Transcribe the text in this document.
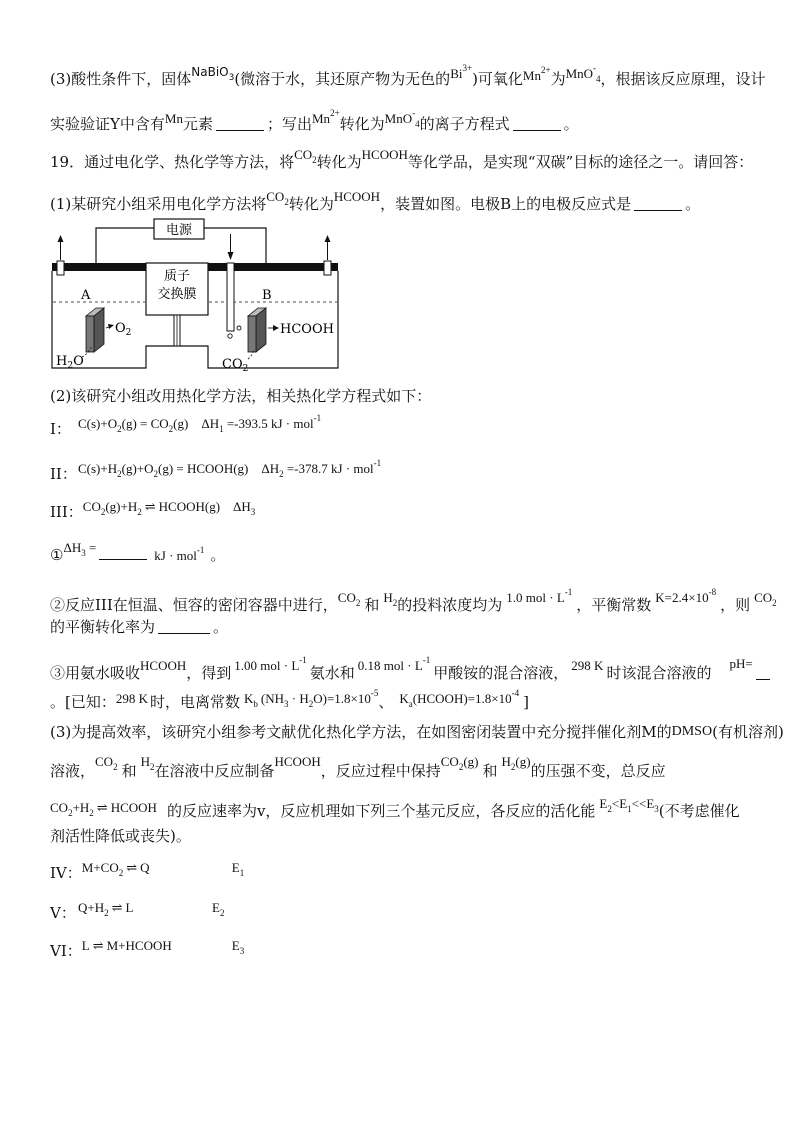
(3)酸性条件下，固体$^{NaBiO_3}$(微溶于水，其还原产物为无色的$Bi^{3+}$)可氧化$Mn^{2+}$为MnO-$_4$，根据该反应原理，设计
实验验证Y中含有Mn元素	；写出$Mn^{2+}$转化为MnO-$_4$的离子方程式	。
19．通过电化学、热化学等方法，将$CO_2$转化为HCOOH等化学品，是实现“双碳”目标的途径之一。请回答：
(1)某研究小组采用电化学方法将$CO_2$转化为HCOOH，装置如图。电极B上的电极反应式是	。
电源
质子
交换膜
A
$O_2$
$H_2O$
B
HCOOH
$CO_2$
(2)该研究小组改用热化学方法，相关热化学方程式如下：
I： $C(s)+O_2(g) = CO_2(g)$    $\Delta H_1 =-393.5$ kJ · mol$^{-1}$
II：$C(s)+H_2(g)+O_2(g)$ = HCOOH(g)    $\Delta H_2 =-378.7$ kJ · mol$^{-1}$
III：$CO_2(g)+H_2$ ⇌ HCOOH(g)    $\Delta H_3$
$①\Delta H_3 =kJ \cdot mol^{-1}$ 。
②反应III在恒温、恒容的密闭容器中进行，$CO_2$ 和 $H_2$的投料浓度均为 1.0 mol · $L^{-1}$，平衡常数 $K=2.4\times 10^{-8}$，则 $CO_2$
的平衡转化率为	。
③用氨水吸收HCOOH，得到 1.00 mol · $L^{-1}$氨水和 0.18 mol · $L^{-1}$甲酸铵的混合溶液， 298 K 时该混合溶液的pH=
。[已知：298 K 时，电离常数 $K_b$ $(NH_3 \cdot H_2O)=1.8\times 10^{-5}$、 $K_a(HCOOH)=1.8\times 10^{-4}$ ]
(3)为提高效率，该研究小组参考文献优化热化学方法，在如图密闭装置中充分搅拌催化剂M的DMSO(有机溶剂)
溶液，$CO_2$ 和$H_2$在溶液中反应制备HCOOH，反应过程中保持$CO_2(g)$和$H_2(g)$的压强不变，总反应
$CO_2+H_2$ ⇌ HCOOH 的反应速率为v，反应机理如下列三个基元反应，各反应的活化能 $E_2<E_1<<E_3$(不考虑催化
剂活性降低或丧失)。
IV：$M+CO_2$ ⇌ Q	$E_1$
V： $Q+H_2$ ⇌ L	$E_2$
VI：L ⇌ M+HCOOH	$E_3$
